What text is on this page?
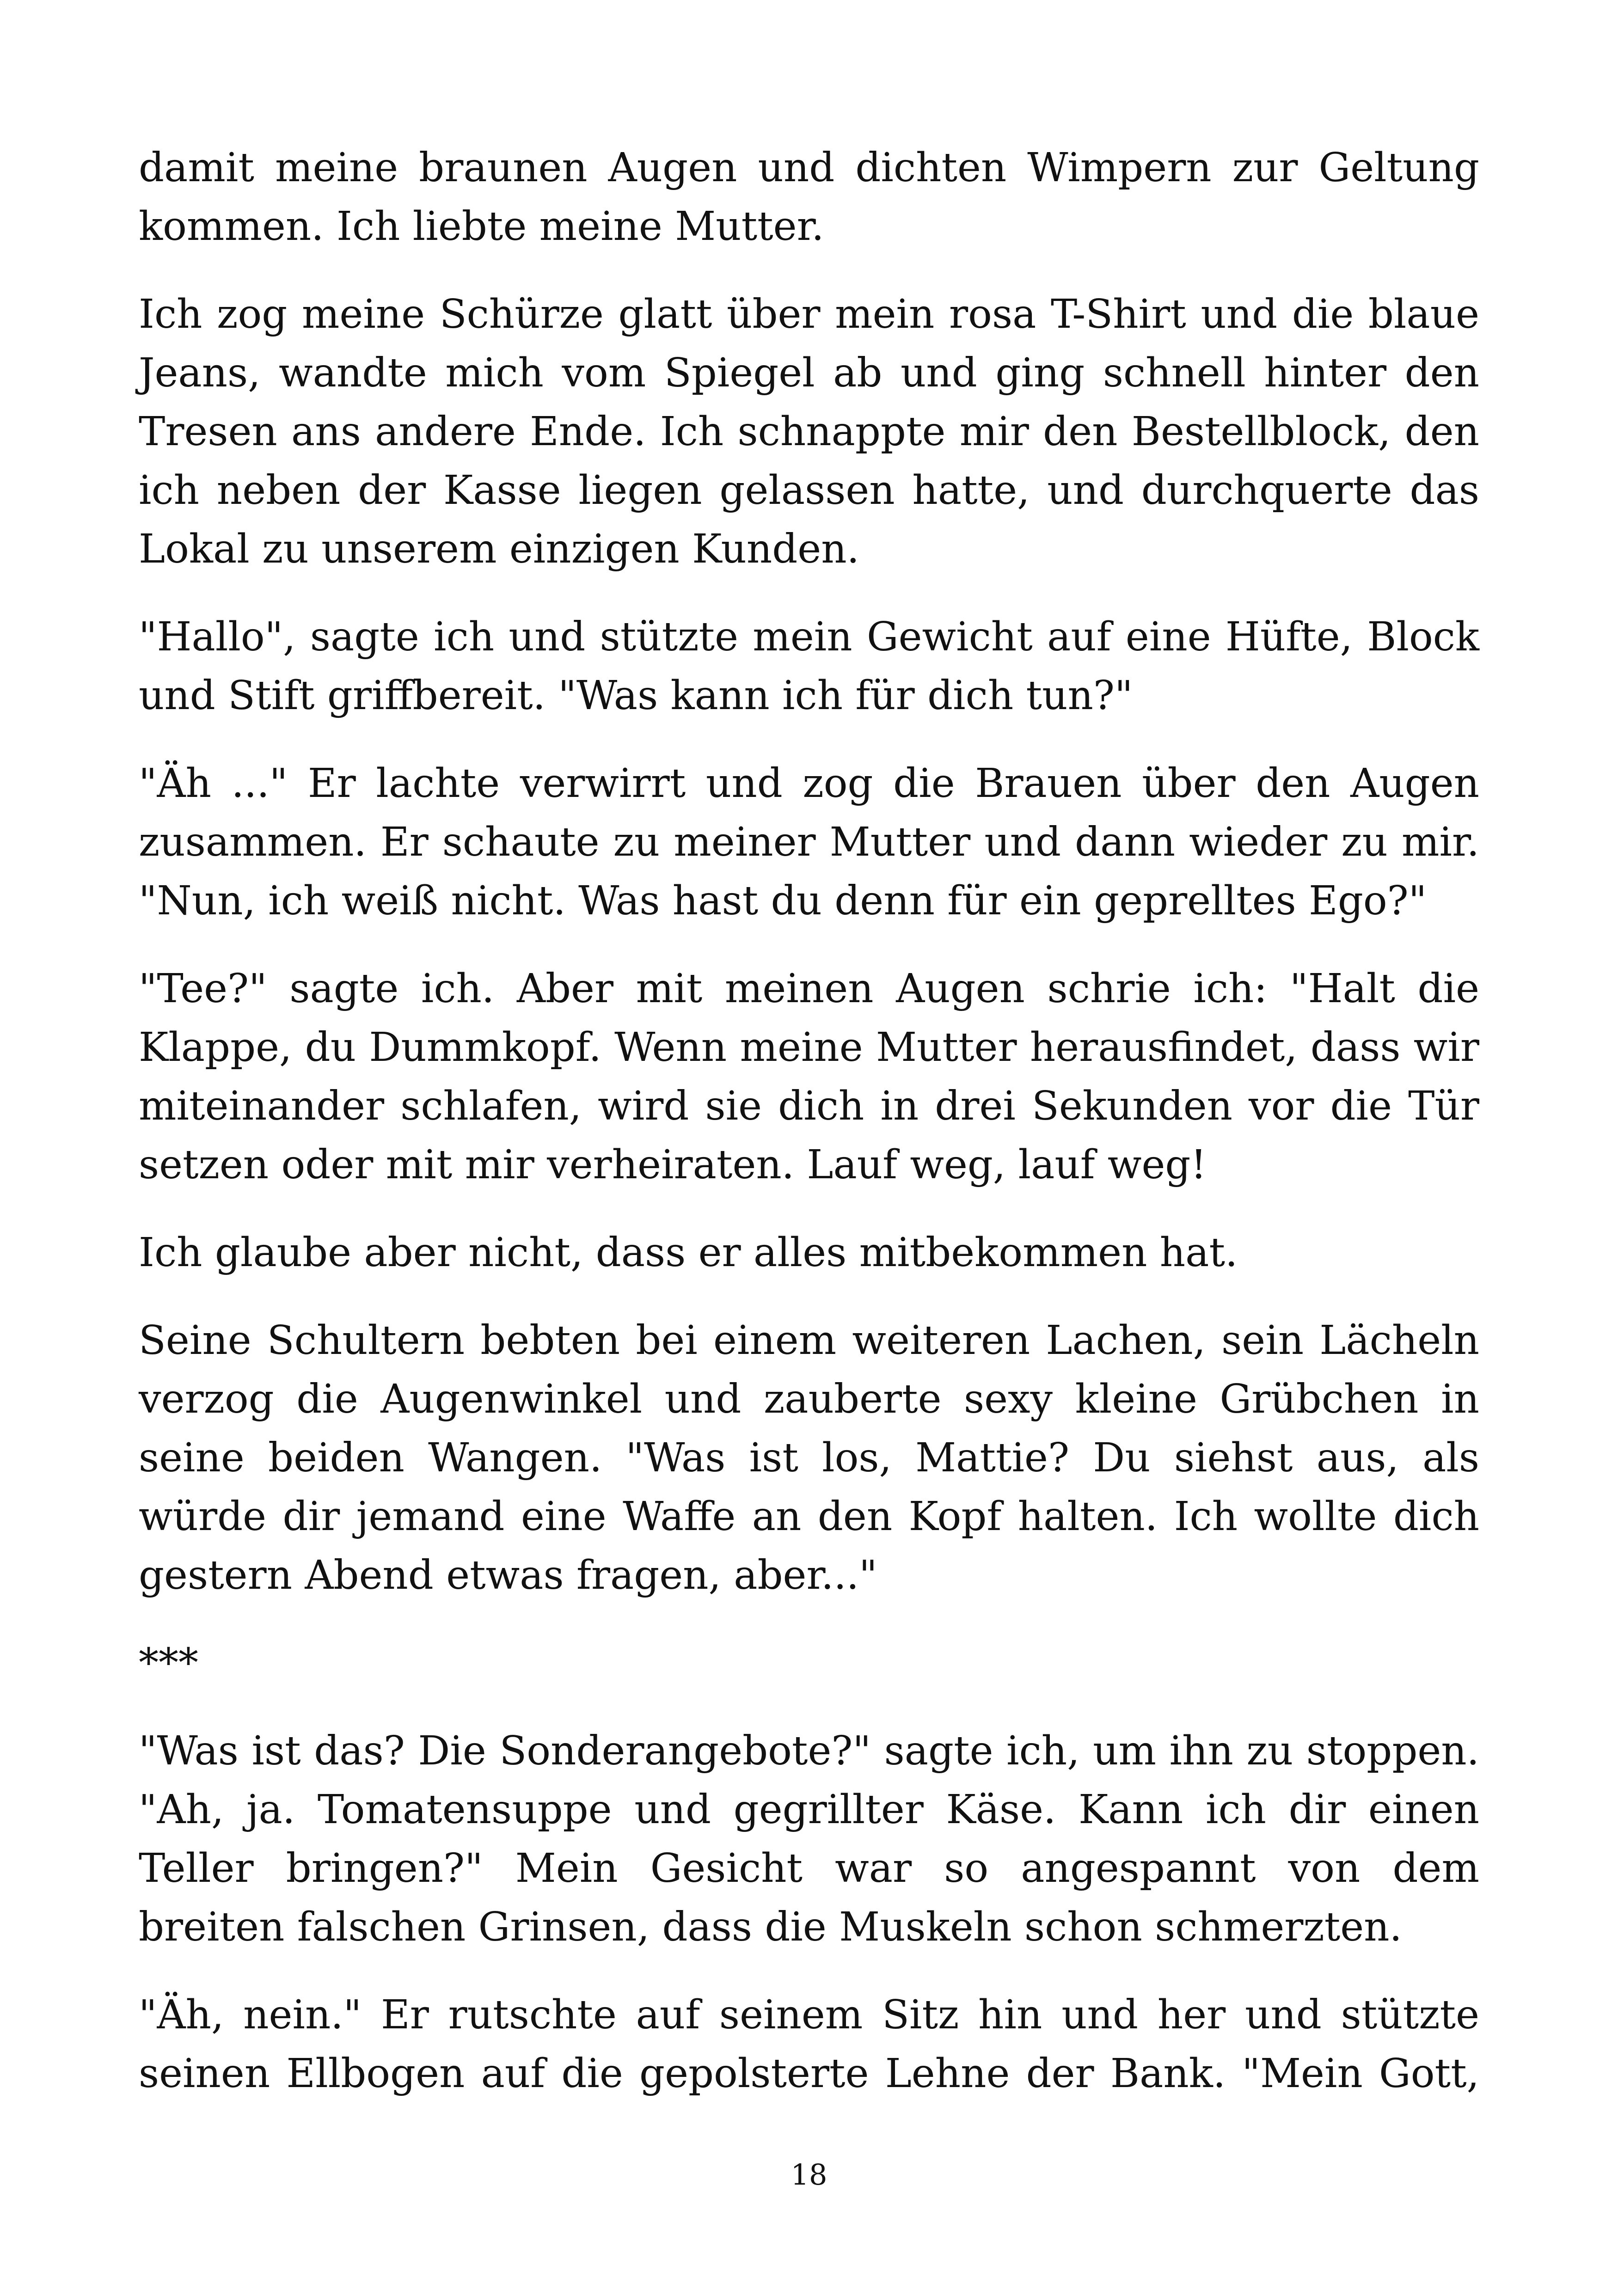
damit meine braunen Augen und dichten Wimpern zur Geltung kommen. Ich liebte meine Mutter.

Ich zog meine Schürze glatt über mein rosa T-Shirt und die blaue Jeans, wandte mich vom Spiegel ab und ging schnell hinter den Tresen ans andere Ende. Ich schnappte mir den Bestellblock, den ich neben der Kasse liegen gelassen hatte, und durchquerte das Lokal zu unserem einzigen Kunden.

"Hallo", sagte ich und stützte mein Gewicht auf eine Hüfte, Block und Stift griffbereit. "Was kann ich für dich tun?"

"Äh ..." Er lachte verwirrt und zog die Brauen über den Augen zusammen. Er schaute zu meiner Mutter und dann wieder zu mir. "Nun, ich weiß nicht. Was hast du denn für ein geprelltes Ego?"

"Tee?" sagte ich. Aber mit meinen Augen schrie ich: "Halt die Klappe, du Dummkopf. Wenn meine Mutter herausfindet, dass wir miteinander schlafen, wird sie dich in drei Sekunden vor die Tür setzen oder mit mir verheiraten. Lauf weg, lauf weg!

Ich glaube aber nicht, dass er alles mitbekommen hat.

Seine Schultern bebten bei einem weiteren Lachen, sein Lächeln verzog die Augenwinkel und zauberte sexy kleine Grübchen in seine beiden Wangen. "Was ist los, Mattie? Du siehst aus, als würde dir jemand eine Waffe an den Kopf halten. Ich wollte dich gestern Abend etwas fragen, aber..."

***

"Was ist das? Die Sonderangebote?" sagte ich, um ihn zu stoppen. "Ah, ja. Tomatensuppe und gegrillter Käse. Kann ich dir einen Teller bringen?" Mein Gesicht war so angespannt von dem breiten falschen Grinsen, dass die Muskeln schon schmerzten.

"Äh, nein." Er rutschte auf seinem Sitz hin und her und stützte seinen Ellbogen auf die gepolsterte Lehne der Bank. "Mein Gott,

18
